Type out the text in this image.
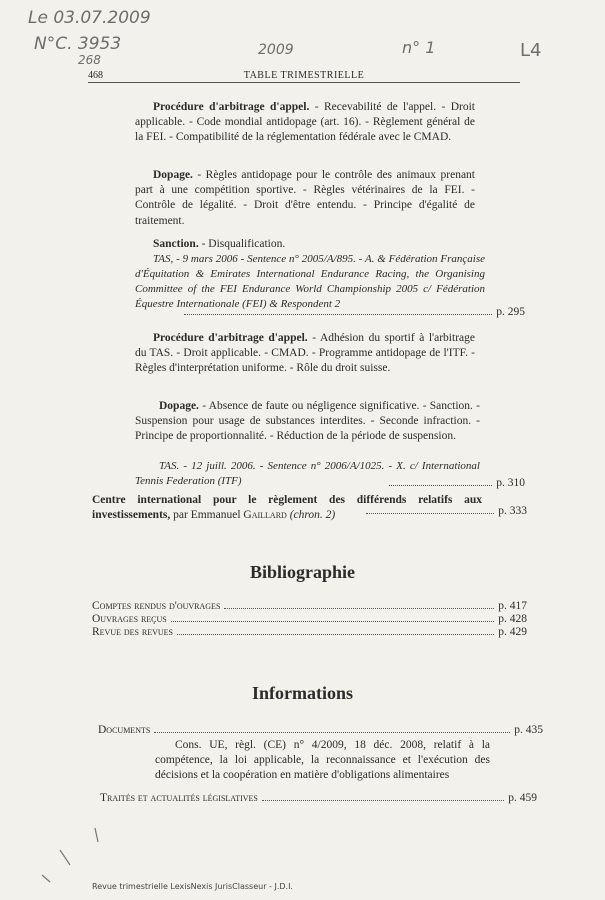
Le 03.07.2009
N°C. 3953
268
2009	n° 1	L4
468	TABLE TRIMESTRIELLE
Procédure d'arbitrage d'appel. - Recevabilité de l'appel. - Droit applicable. - Code mondial antidopage (art. 16). - Règlement général de la FEI. - Compatibilité de la réglementation fédérale avec le CMAD.
Dopage. - Règles antidopage pour le contrôle des animaux prenant part à une compétition sportive. - Règles vétérinaires de la FEI. - Contrôle de légalité. - Droit d'être entendu. - Principe d'égalité de traitement.
Sanction. - Disqualification.
TAS, - 9 mars 2006 - Sentence n° 2005/A/895. - A. & Fédération Française d'Équitation & Emirates International Endurance Racing, the Organising Committee of the FEI Endurance World Championship 2005 c/ Fédération Équestre Internationale (FEI) & Respondent 2
p. 295
Procédure d'arbitrage d'appel. - Adhésion du sportif à l'arbitrage du TAS. - Droit applicable. - CMAD. - Programme antidopage de l'ITF. - Règles d'interprétation uniforme. - Rôle du droit suisse.
Dopage. - Absence de faute ou négligence significative. - Sanction. - Suspension pour usage de substances interdites. - Seconde infraction. - Principe de proportionnalité. - Réduction de la période de suspension.
TAS. - 12 juill. 2006. - Sentence n° 2006/A/1025. - X. c/ International Tennis Federation (ITF)	p. 310
Centre international pour le règlement des différends relatifs aux investissements, par Emmanuel Gaillard (chron. 2)	p. 333
Bibliographie
Comptes rendus d'ouvrages	p. 417
Ouvrages reçus	p. 428
Revue des revues	p. 429
Informations
Documents	p. 435
Cons. UE, règl. (CE) n° 4/2009, 18 déc. 2008, relatif à la compétence, la loi applicable, la reconnaissance et l'exécution des décisions et la coopération en matière d'obligations alimentaires
Traités et actualités législatives	p. 459
Revue trimestrielle LexisNexis JurisClasseur - J.D.I.
